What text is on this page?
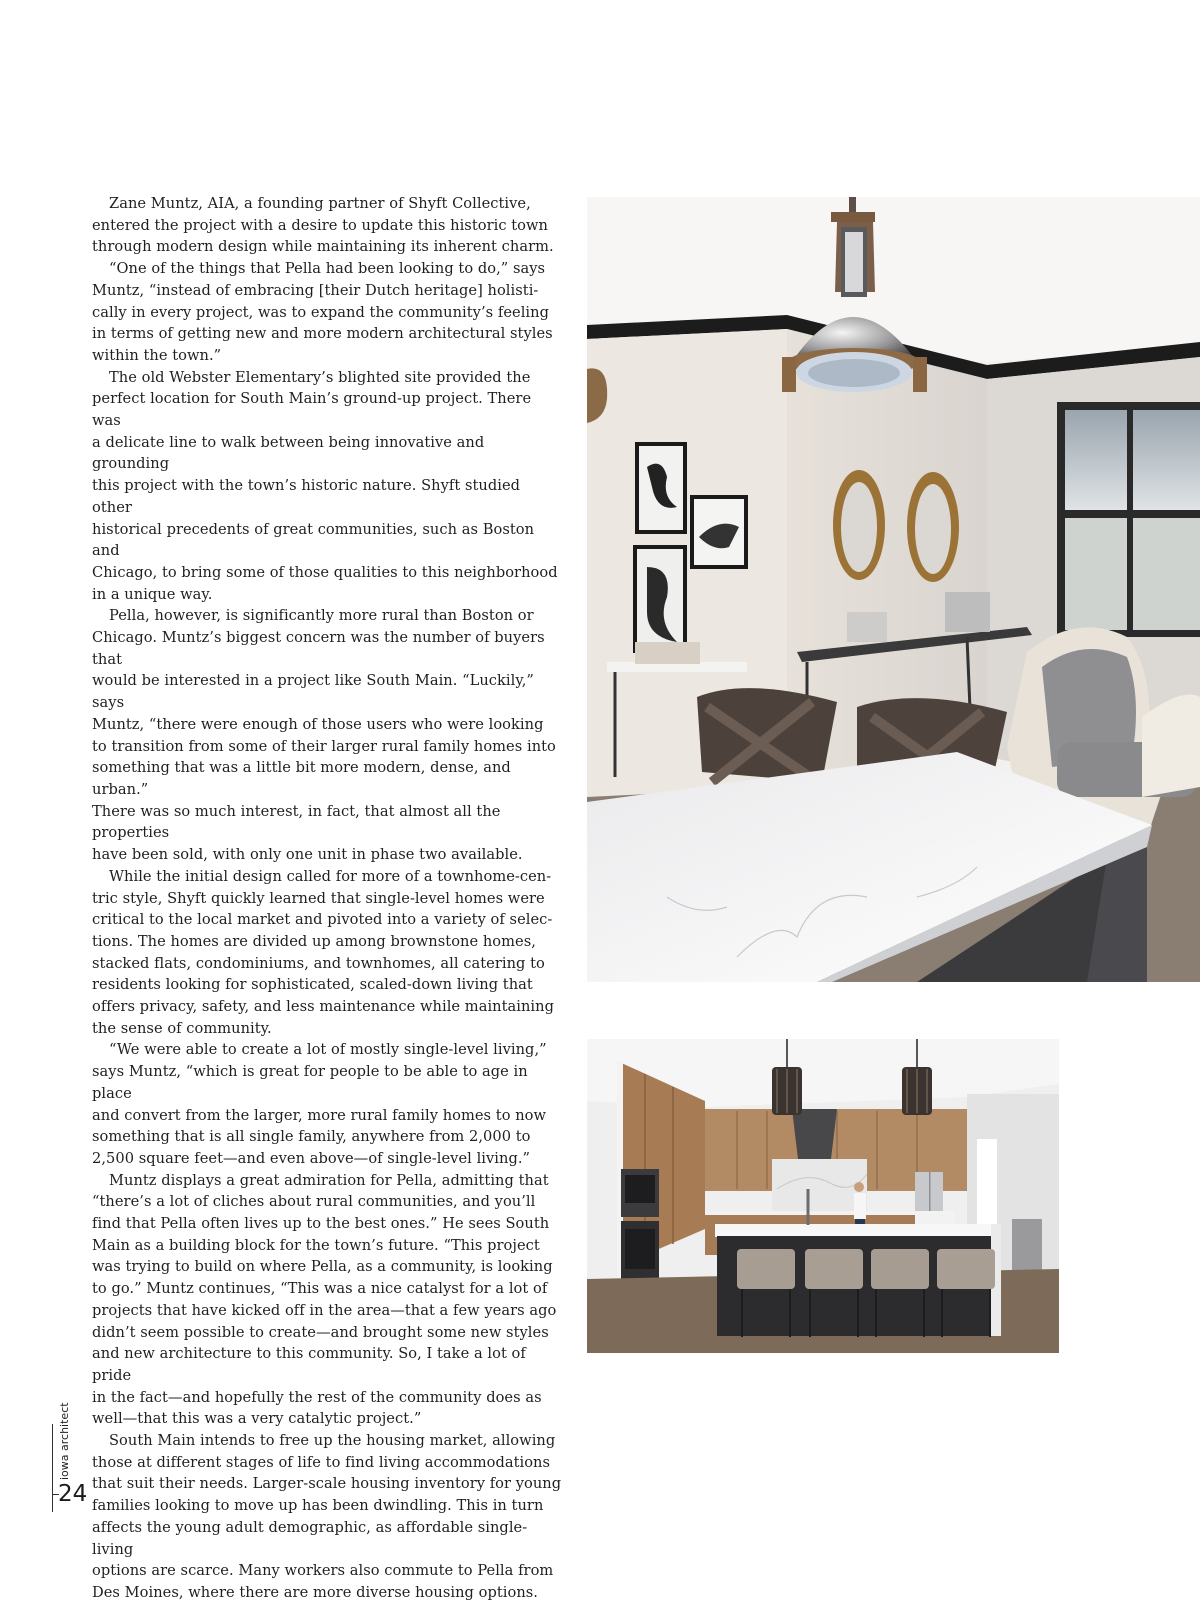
Zane Muntz, AIA, a founding partner of Shyft Collective,
entered the project with a desire to update this historic town
through modern design while maintaining its inherent charm.

“One of the things that Pella had been looking to do,” says
Muntz, “instead of embracing [their Dutch heritage] holisti-
cally in every project, was to expand the community’s feeling
in terms of getting new and more modern architectural styles
within the town.”

The old Webster Elementary’s blighted site provided the
perfect location for South Main’s ground-up project. There was
a delicate line to walk between being innovative and grounding
this project with the town’s historic nature. Shyft studied other
historical precedents of great communities, such as Boston and
Chicago, to bring some of those qualities to this neighborhood
in a unique way.

Pella, however, is significantly more rural than Boston or
Chicago. Muntz’s biggest concern was the number of buyers that
would be interested in a project like South Main. “Luckily,” says
Muntz, “there were enough of those users who were looking
to transition from some of their larger rural family homes into
something that was a little bit more modern, dense, and urban.”
There was so much interest, in fact, that almost all the properties
have been sold, with only one unit in phase two available.

While the initial design called for more of a townhome-cen-
tric style, Shyft quickly learned that single-level homes were
critical to the local market and pivoted into a variety of selec-
tions. The homes are divided up among brownstone homes,
stacked flats, condominiums, and townhomes, all catering to
residents looking for sophisticated, scaled-down living that
offers privacy, safety, and less maintenance while maintaining
the sense of community.

“We were able to create a lot of mostly single-level living,”
says Muntz, “which is great for people to be able to age in place
and convert from the larger, more rural family homes to now
something that is all single family, anywhere from 2,000 to
2,500 square feet—and even above—of single-level living.”

Muntz displays a great admiration for Pella, admitting that
“there’s a lot of cliches about rural communities, and you’ll
find that Pella often lives up to the best ones.” He sees South
Main as a building block for the town’s future. “This project
was trying to build on where Pella, as a community, is looking
to go.” Muntz continues, “This was a nice catalyst for a lot of
projects that have kicked off in the area—that a few years ago
didn’t seem possible to create—and brought some new styles
and new architecture to this community. So, I take a lot of pride
in the fact—and hopefully the rest of the community does as
well—that this was a very catalytic project.”

South Main intends to free up the housing market, allowing
those at different stages of life to find living accommodations
that suit their needs. Larger-scale housing inventory for young
families looking to move up has been dwindling. This in turn
affects the young adult demographic, as affordable single-living
options are scarce. Many workers also commute to Pella from
Des Moines, where there are more diverse housing options.

iowa architect
24
